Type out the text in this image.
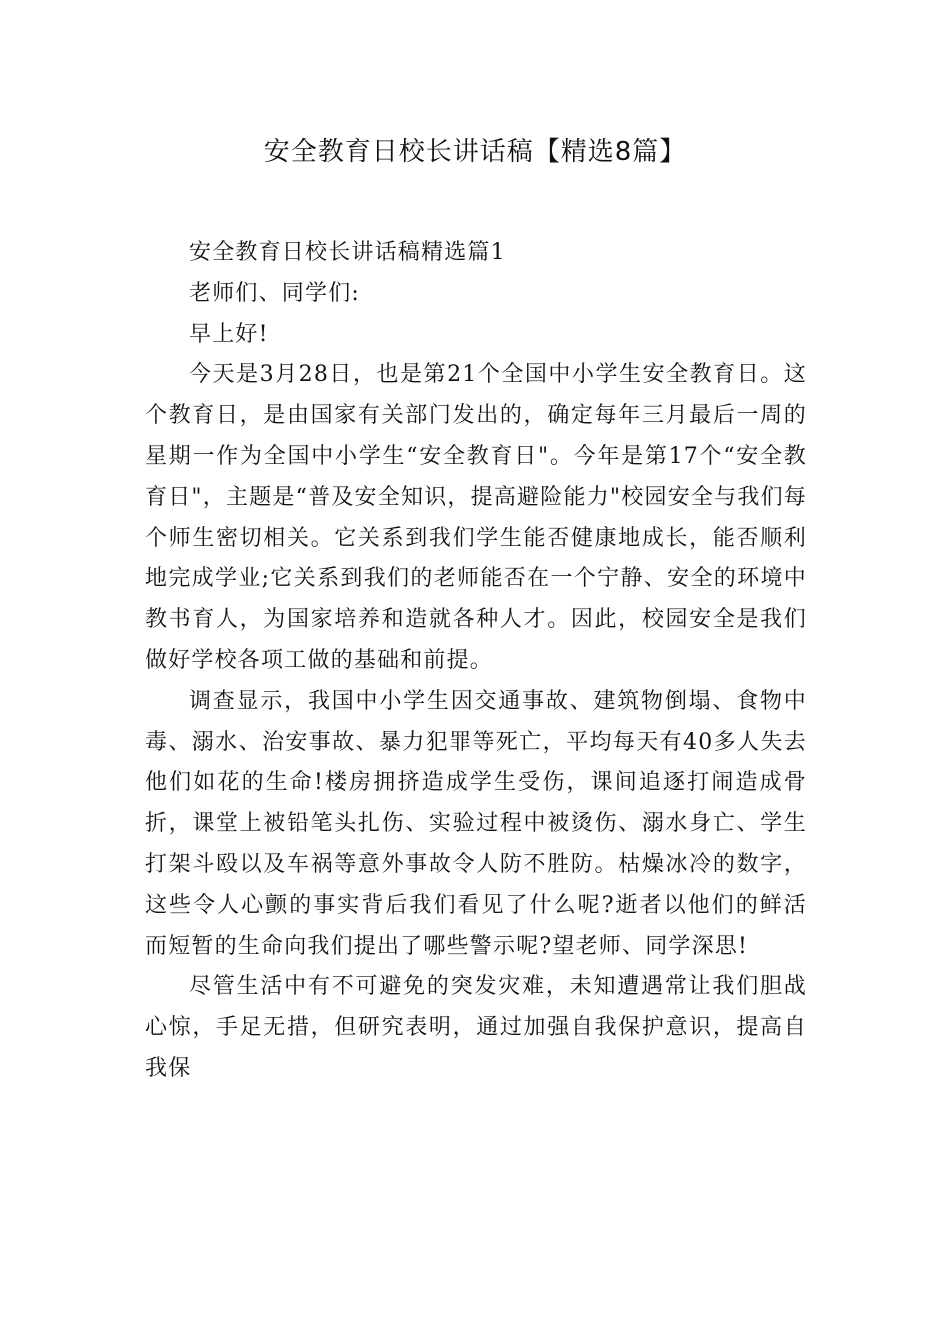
安全教育日校长讲话稿【精选8篇】

安全教育日校长讲话稿精选篇1

老师们、同学们:

早上好!

今天是3月28日，也是第21个全国中小学生安全教育日。这个教育日，是由国家有关部门发出的，确定每年三月最后一周的星期一作为全国中小学生“安全教育日"。今年是第17个“安全教育日"，主题是“普及安全知识，提高避险能力"校园安全与我们每个师生密切相关。它关系到我们学生能否健康地成长，能否顺利地完成学业;它关系到我们的老师能否在一个宁静、安全的环境中教书育人，为国家培养和造就各种人才。因此，校园安全是我们做好学校各项工做的基础和前提。

调查显示，我国中小学生因交通事故、建筑物倒塌、食物中毒、溺水、治安事故、暴力犯罪等死亡，平均每天有40多人失去他们如花的生命!楼房拥挤造成学生受伤，课间追逐打闹造成骨折，课堂上被铅笔头扎伤、实验过程中被烫伤、溺水身亡、学生打架斗殴以及车祸等意外事故令人防不胜防。枯燥冰冷的数字，这些令人心颤的事实背后我们看见了什么呢?逝者以他们的鲜活而短暂的生命向我们提出了哪些警示呢?望老师、同学深思!

尽管生活中有不可避免的突发灾难，未知遭遇常让我们胆战心惊，手足无措，但研究表明，通过加强自我保护意识，提高自我保
